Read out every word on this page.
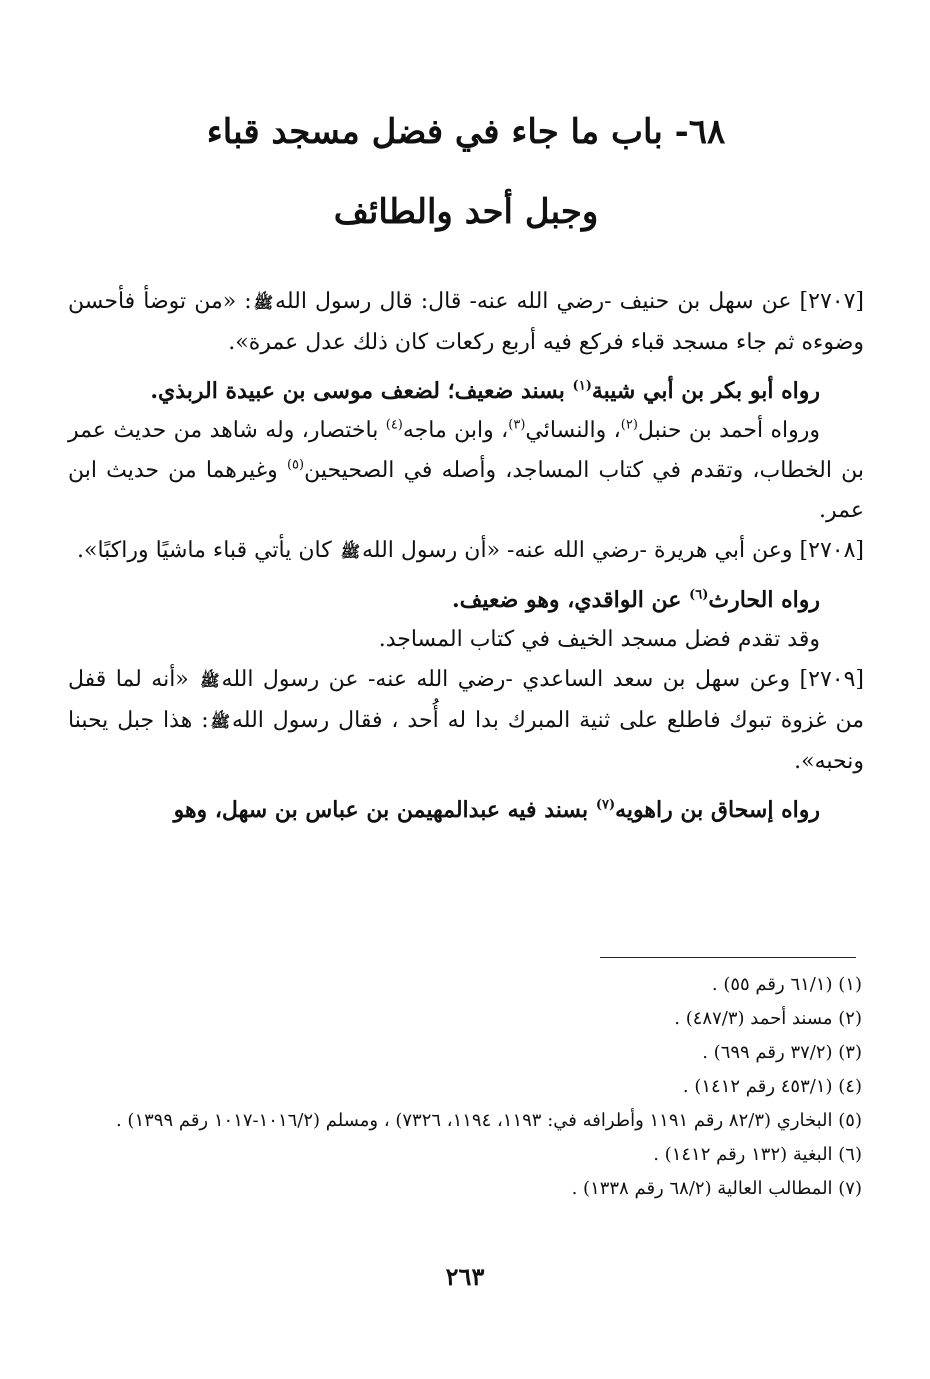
٦٨- باب ما جاء في فضل مسجد قباء
وجبل أحد والطائف

[٢٧٠٧] عن سهل بن حنيف -رضي الله عنه- قال: قال رسول اللهﷺ: «من توضأ فأحسن وضوءه ثم جاء مسجد قباء فركع فيه أربع ركعات كان ذلك عدل عمرة».

رواه أبو بكر بن أبي شيبة$^{(١)}$ بسند ضعيف؛ لضعف موسى بن عبيدة الربذي.

ورواه أحمد بن حنبل$^{(٢)}$، والنسائي$^{(٣)}$، وابن ماجه$^{(٤)}$ باختصار، وله شاهد من حديث عمر بن الخطاب، وتقدم في كتاب المساجد، وأصله في الصحيحين$^{(٥)}$ وغيرهما من حديث ابن عمر.

[٢٧٠٨] وعن أبي هريرة -رضي الله عنه- «أن رسول اللهﷺ كان يأتي قباء ماشيًا وراكبًا».

رواه الحارث$^{(٦)}$ عن الواقدي، وهو ضعيف.

وقد تقدم فضل مسجد الخيف في كتاب المساجد.

[٢٧٠٩] وعن سهل بن سعد الساعدي -رضي الله عنه- عن رسول اللهﷺ «أنه لما قفل من غزوة تبوك فاطلع على ثنية المبرك بدا له أُحد ، فقال رسول اللهﷺ: هذا جبل يحبنا ونحبه».

رواه إسحاق بن راهويه$^{(٧)}$ بسند فيه عبدالمهيمن بن عباس بن سهل، وهو

(١) (٦١/١ رقم ٥٥) .

(٢) مسند أحمد (٤٨٧/٣) .

(٣) (٣٧/٢ رقم ٦٩٩) .

(٤) (٤٥٣/١ رقم ١٤١٢) .

(٥) البخاري (٨٢/٣ رقم ١١٩١ وأطرافه في: ١١٩٣، ١١٩٤، ٧٣٢٦) ، ومسلم (١٠١٦/٢-١٠١٧ رقم ١٣٩٩) .

(٦) البغية (١٣٢ رقم ١٤١٢) .

(٧) المطالب العالية (٦٨/٢ رقم ١٣٣٨) .

٢٦٣
